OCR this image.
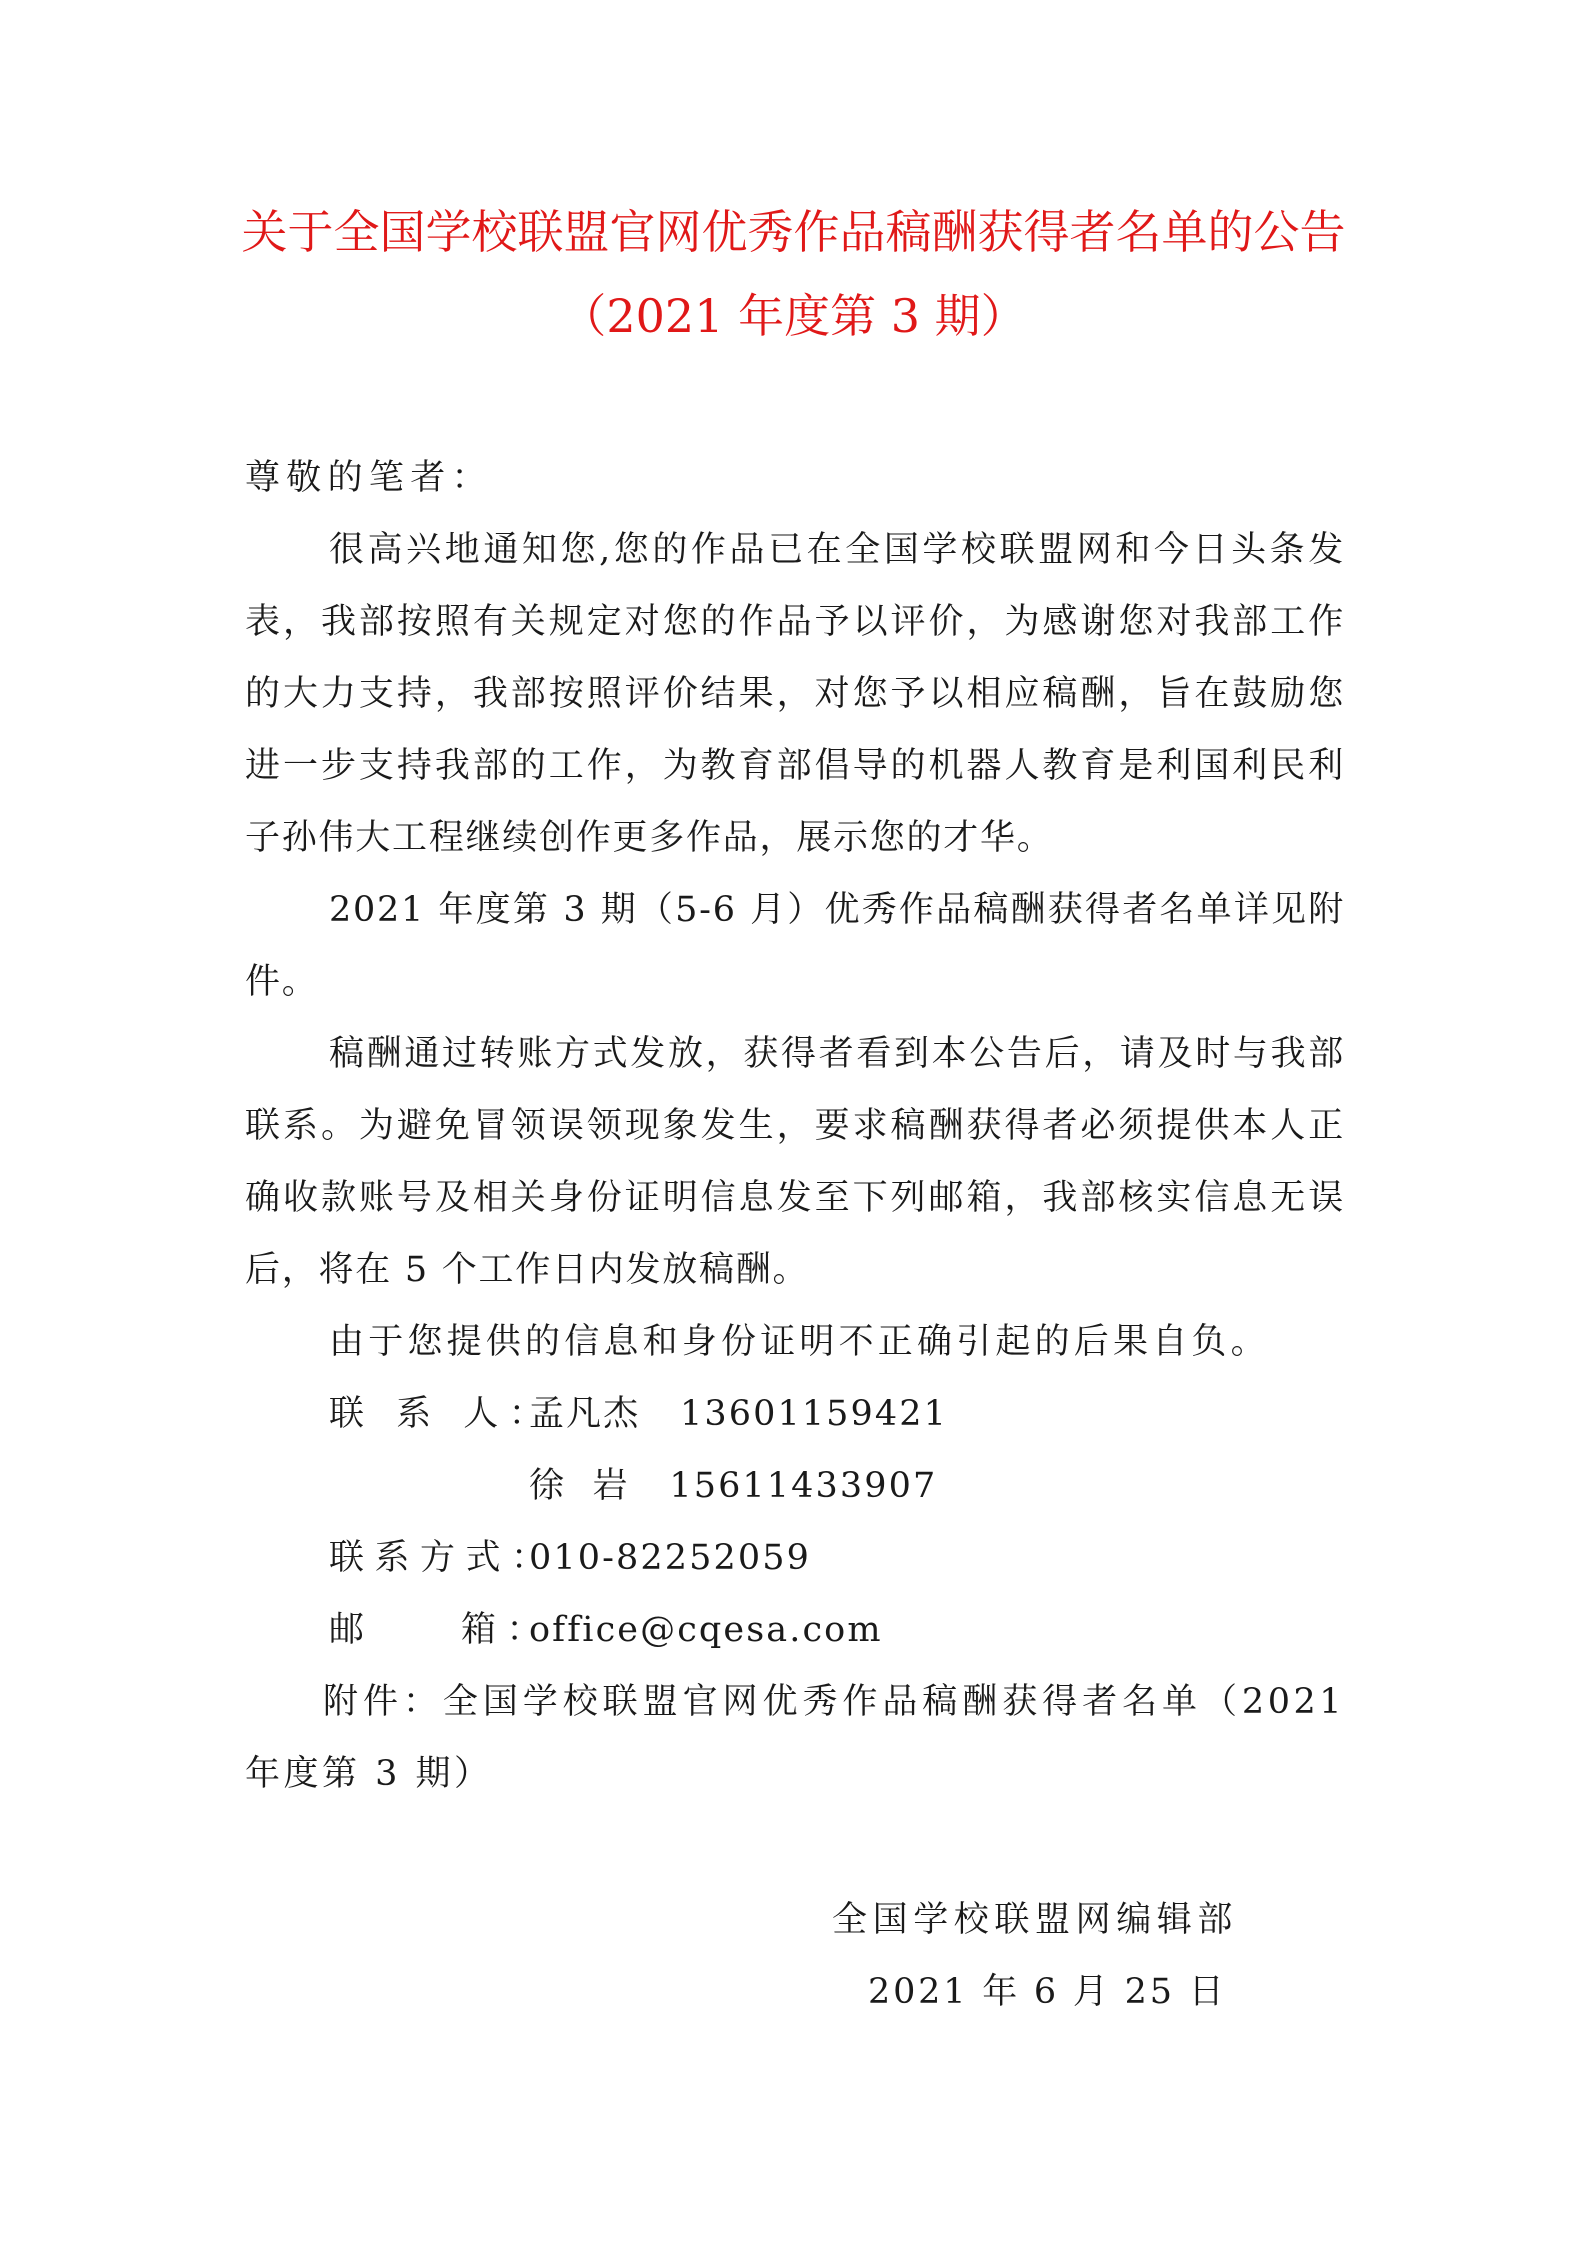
关于全国学校联盟官网优秀作品稿酬获得者名单的公告
（2021 年度第 3 期）
尊敬的笔者：

很高兴地通知您,您的作品已在全国学校联盟网和今日头条发表，我部按照有关规定对您的作品予以评价，为感谢您对我部工作的大力支持，我部按照评价结果，对您予以相应稿酬，旨在鼓励您进一步支持我部的工作，为教育部倡导的机器人教育是利国利民利子孙伟大工程继续创作更多作品，展示您的才华。

2021 年度第 3 期（5-6 月）优秀作品稿酬获得者名单详见附件。

稿酬通过转账方式发放，获得者看到本公告后，请及时与我部联系。为避免冒领误领现象发生，要求稿酬获得者必须提供本人正确收款账号及相关身份证明信息发至下列邮箱，我部核实信息无误后，将在 5 个工作日内发放稿酬。

由于您提供的信息和身份证明不正确引起的后果自负。

联 系 人：孟凡杰   13601159421
徐  岩   15611433907
联系方式：010-82252059
邮    箱：office@cqesa.com

附件：全国学校联盟官网优秀作品稿酬获得者名单（2021 年度第 3 期）

全国学校联盟网编辑部
2021 年 6 月 25 日
